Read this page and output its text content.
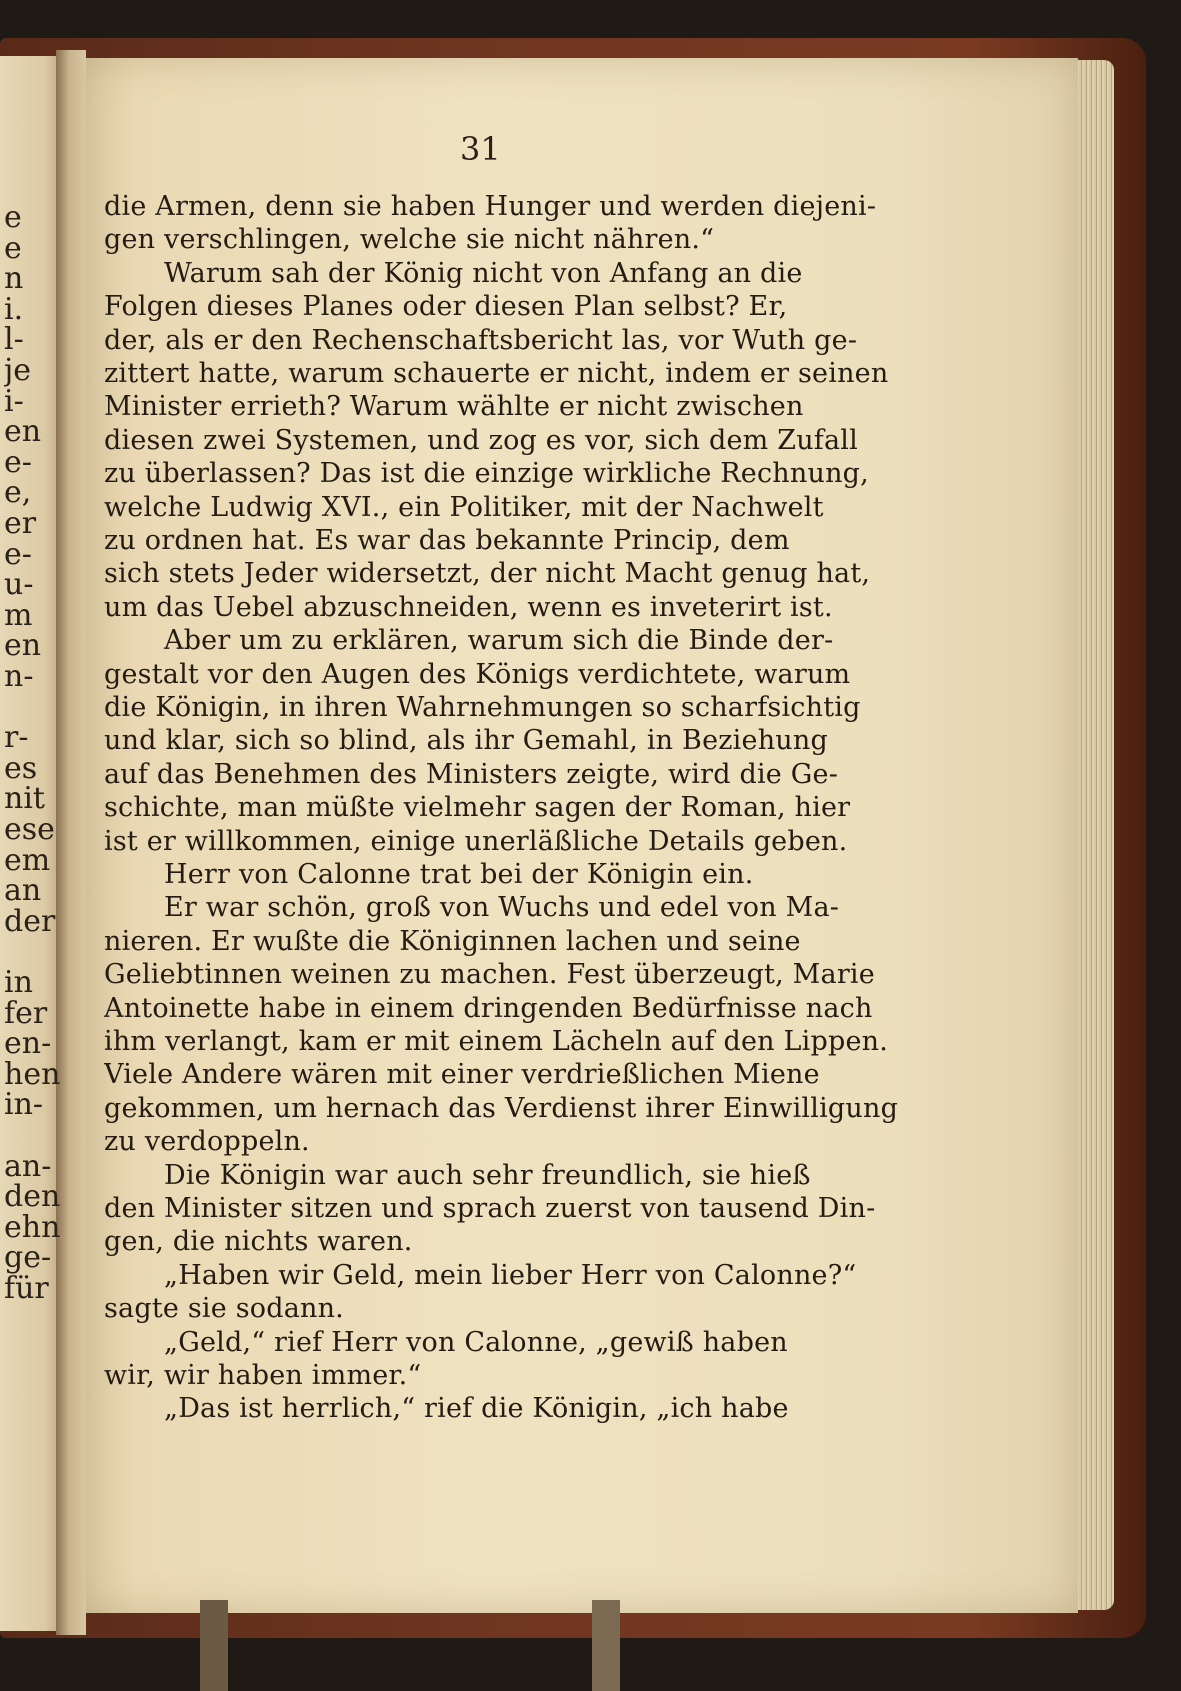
e
e
n
i.
l-
je
i-
en
e-
e,
er
e-
u-
m
en
n-
r-
es
nit
ese
em
an
der
in
fer
en-
hen
in-
an-
den
ehn
ge-
für
31
die Armen, denn sie haben Hunger und werden diejeni-
gen verschlingen, welche sie nicht nähren.“
Warum sah der König nicht von Anfang an die
Folgen dieses Planes oder diesen Plan selbst? Er,
der, als er den Rechenschaftsbericht las, vor Wuth ge-
zittert hatte, warum schauerte er nicht, indem er seinen
Minister errieth? Warum wählte er nicht zwischen
diesen zwei Systemen, und zog es vor, sich dem Zufall
zu überlassen? Das ist die einzige wirkliche Rechnung,
welche Ludwig XVI., ein Politiker, mit der Nachwelt
zu ordnen hat. Es war das bekannte Princip, dem
sich stets Jeder widersetzt, der nicht Macht genug hat,
um das Uebel abzuschneiden, wenn es inveterirt ist.
Aber um zu erklären, warum sich die Binde der-
gestalt vor den Augen des Königs verdichtete, warum
die Königin, in ihren Wahrnehmungen so scharfsichtig
und klar, sich so blind, als ihr Gemahl, in Beziehung
auf das Benehmen des Ministers zeigte, wird die Ge-
schichte, man müßte vielmehr sagen der Roman, hier
ist er willkommen, einige unerläßliche Details geben.
Herr von Calonne trat bei der Königin ein.
Er war schön, groß von Wuchs und edel von Ma-
nieren. Er wußte die Königinnen lachen und seine
Geliebtinnen weinen zu machen. Fest überzeugt, Marie
Antoinette habe in einem dringenden Bedürfnisse nach
ihm verlangt, kam er mit einem Lächeln auf den Lippen.
Viele Andere wären mit einer verdrießlichen Miene
gekommen, um hernach das Verdienst ihrer Einwilligung
zu verdoppeln.
Die Königin war auch sehr freundlich, sie hieß
den Minister sitzen und sprach zuerst von tausend Din-
gen, die nichts waren.
„Haben wir Geld, mein lieber Herr von Calonne?“
sagte sie sodann.
„Geld,“ rief Herr von Calonne, „gewiß haben
wir, wir haben immer.“
„Das ist herrlich,“ rief die Königin, „ich habe
